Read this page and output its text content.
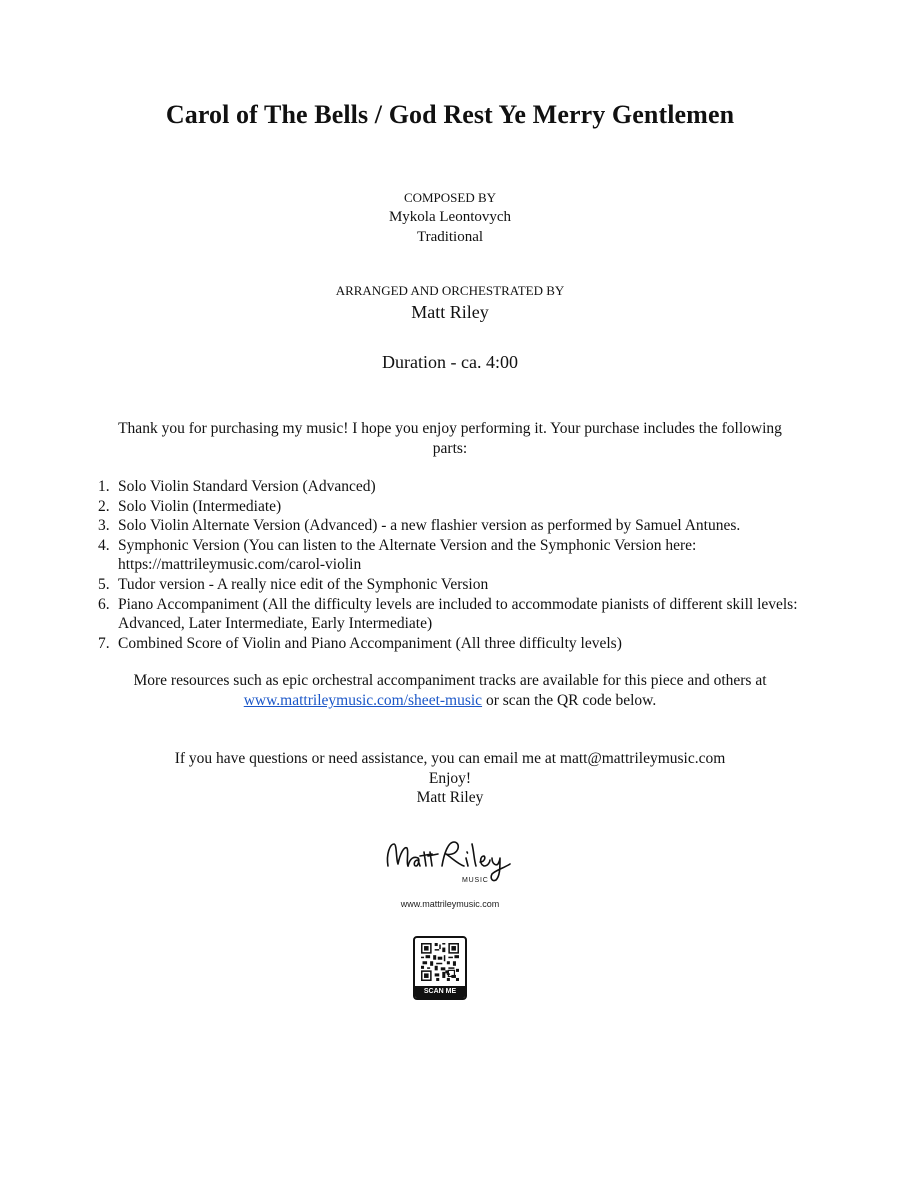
Carol of The Bells / God Rest Ye Merry Gentlemen
COMPOSED BY
Mykola Leontovych
Traditional
ARRANGED AND ORCHESTRATED BY
Matt Riley
Duration - ca. 4:00
Thank you for purchasing my music! I hope you enjoy performing it. Your purchase includes the following parts:
1. Solo Violin Standard Version (Advanced)
2. Solo Violin (Intermediate)
3. Solo Violin Alternate Version (Advanced) - a new flashier version as performed by Samuel Antunes.
4. Symphonic Version (You can listen to the Alternate Version and the Symphonic Version here: https://mattrileymusic.com/carol-violin
5. Tudor version - A really nice edit of the Symphonic Version
6. Piano Accompaniment (All the difficulty levels are included to accommodate pianists of different skill levels: Advanced, Later Intermediate, Early Intermediate)
7. Combined Score of Violin and Piano Accompaniment (All three difficulty levels)
More resources such as epic orchestral accompaniment tracks are available for this piece and others at
www.mattrileymusic.com/sheet-music or scan the QR code below.
If you have questions or need assistance, you can email me at matt@mattrileymusic.com
Enjoy!
Matt Riley
MUSIC
www.mattrileymusic.com
SCAN ME
